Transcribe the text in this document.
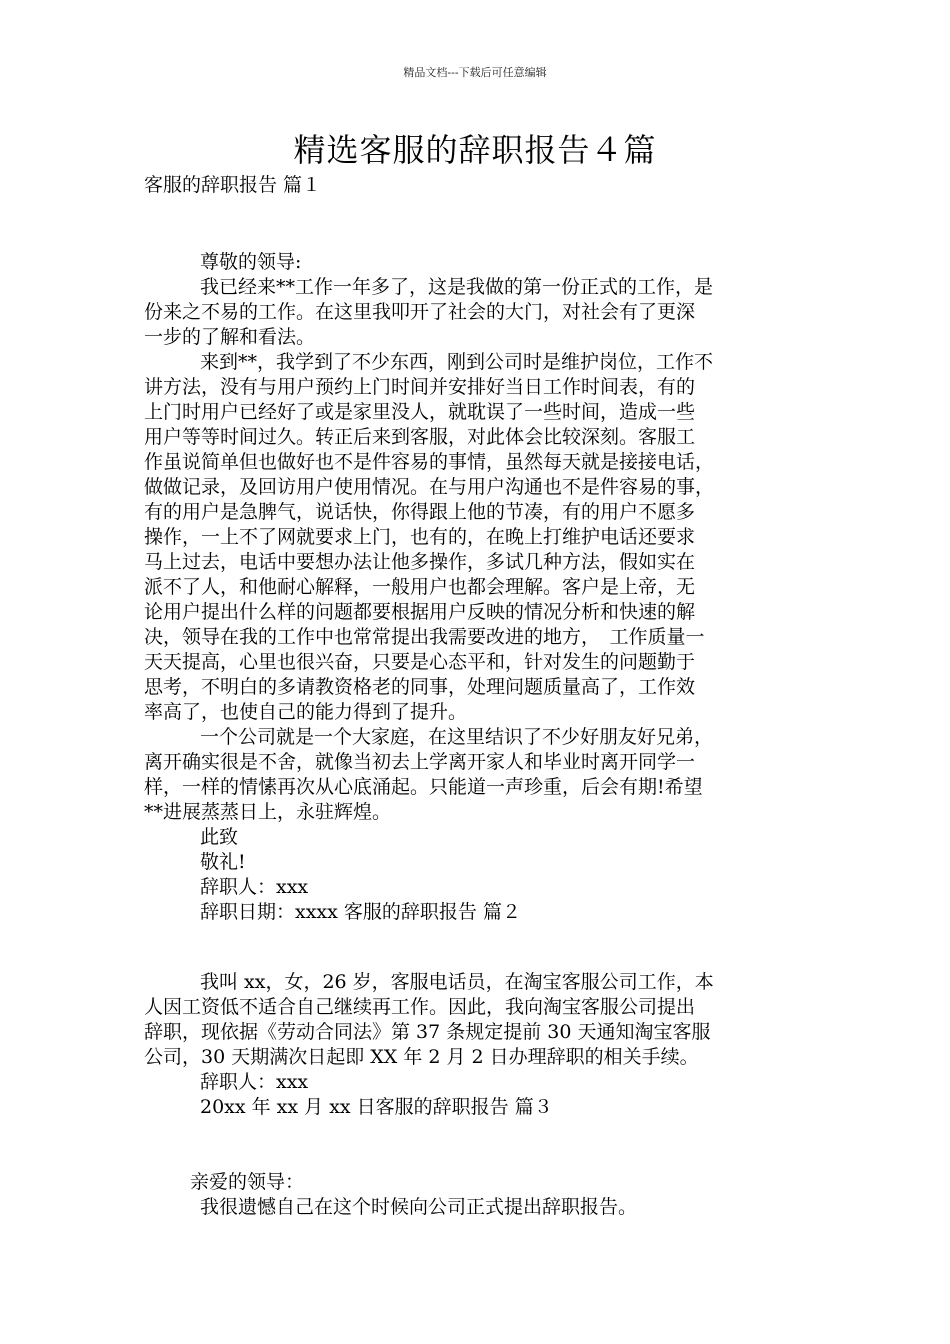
精品文档---下载后可任意编辑
精选客服的辞职报告４篇
客服的辞职报告 篇１
尊敬的领导:
我已经来**工作一年多了，这是我做的第一份正式的工作，是
份来之不易的工作。在这里我叩开了社会的大门，对社会有了更深
一步的了解和看法。
来到**，我学到了不少东西，刚到公司时是维护岗位，工作不
讲方法，没有与用户预约上门时间并安排好当日工作时间表，有的
上门时用户已经好了或是家里没人，就耽误了一些时间，造成一些
用户等等时间过久。转正后来到客服，对此体会比较深刻。客服工
作虽说简单但也做好也不是件容易的事情，虽然每天就是接接电话，
做做记录，及回访用户使用情况。在与用户沟通也不是件容易的事，
有的用户是急脾气，说话快，你得跟上他的节凑，有的用户不愿多
操作，一上不了网就要求上门，也有的，在晚上打维护电话还要求
马上过去，电话中要想办法让他多操作，多试几种方法，假如实在
派不了人，和他耐心解释，一般用户也都会理解。客户是上帝，无
论用户提出什么样的问题都要根据用户反映的情况分析和快速的解
决，领导在我的工作中也常常提出我需要改进的地方，　工作质量一
天天提高，心里也很兴奋，只要是心态平和，针对发生的问题勤于
思考，不明白的多请教资格老的同事，处理问题质量高了，工作效
率高了，也使自己的能力得到了提升。
一个公司就是一个大家庭，在这里结识了不少好朋友好兄弟，
离开确实很是不舍，就像当初去上学离开家人和毕业时离开同学一
样，一样的情愫再次从心底涌起。只能道一声珍重，后会有期!希望
**进展蒸蒸日上，永驻辉煌。
此致
敬礼!
辞职人：xxx
辞职日期：xxxx 客服的辞职报告 篇２
我叫 xx，女，26 岁，客服电话员，在淘宝客服公司工作，本
人因工资低不适合自己继续再工作。因此，我向淘宝客服公司提出
辞职，现依据《劳动合同法》第 37 条规定提前 30 天通知淘宝客服
公司，30 天期满次日起即 XX 年 2 月 2 日办理辞职的相关手续。
辞职人：xxx
20xx 年 xx 月 xx 日客服的辞职报告 篇３
亲爱的领导：
我很遗憾自己在这个时候向公司正式提出辞职报告。
